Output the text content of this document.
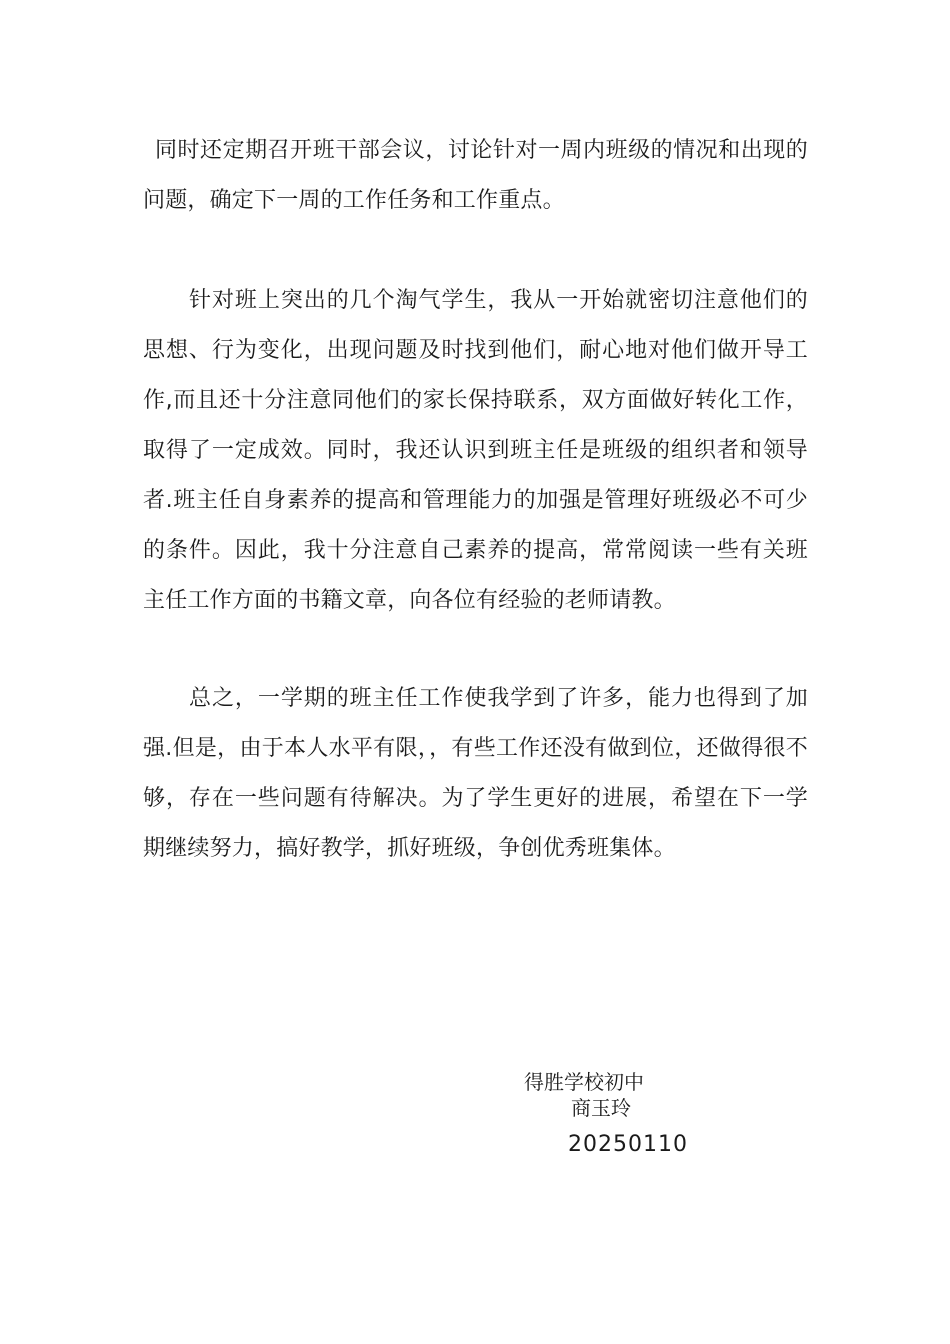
同时还定期召开班干部会议，讨论针对一周内班级的情况和出现的问题，确定下一周的工作任务和工作重点。

针对班上突出的几个淘气学生，我从一开始就密切注意他们的思想、行为变化，出现问题及时找到他们，耐心地对他们做开导工作,而且还十分注意同他们的家长保持联系，双方面做好转化工作，取得了一定成效。同时，我还认识到班主任是班级的组织者和领导者.班主任自身素养的提高和管理能力的加强是管理好班级必不可少的条件。因此，我十分注意自己素养的提高，常常阅读一些有关班主任工作方面的书籍文章，向各位有经验的老师请教。

总之，一学期的班主任工作使我学到了许多，能力也得到了加强.但是，由于本人水平有限，，有些工作还没有做到位，还做得很不够，存在一些问题有待解决。为了学生更好的进展，希望在下一学期继续努力，搞好教学，抓好班级，争创优秀班集体。

得胜学校初中
商玉玲
20250110
